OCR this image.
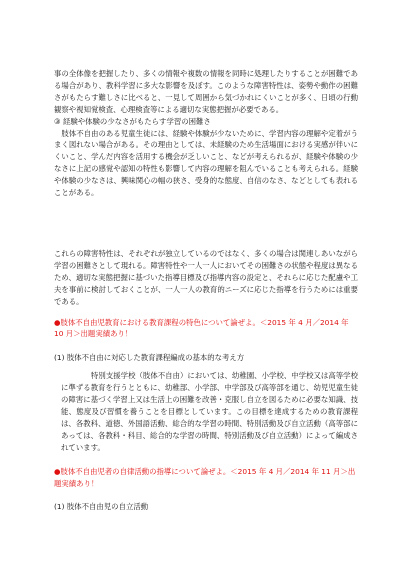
事の全体像を把握したり、多くの情報や複数の情報を同時に処理したりすることが困難である場合があり、教科学習に多大な影響を及ぼす。このような障害特性は、姿勢や動作の困難さがもたらす難しさに比べると、一見して周囲から気づかれにくいことが多く、日頃の行動観察や視知覚検査、心理検査等による適切な実態把握が必要である。

③ 経験や体験の少なさがもたらす学習の困難さ

肢体不自由のある児童生徒には、経験や体験が少ないために、学習内容の理解や定着がうまく図れない場合がある。その理由としては、未経験のため生活場面における実感が伴いにくいこと、学んだ内容を活用する機会が乏しいこと、などが考えられるが、経験や体験の少なさに上記の感覚や認知の特性も影響して内容の理解を阻んでいることも考えられる。経験や体験の少なさは、興味関心の幅の狭さ、受身的な態度、自信のなさ、などとしても表れることがある。

これらの障害特性は、それぞれが独立しているのではなく、多くの場合は関連しあいながら学習の困難さとして現れる。障害特性や一人一人においてその困難さの状態や程度は異なるため、適切な実態把握に基づいた指導目標及び指導内容の設定と、それらに応じた配慮や工夫を事前に検討しておくことが、一人一人の教育的ニーズに応じた指導を行うためには重要である。

●肢体不自由児教育における教育課程の特色について論ぜよ。＜2015 年 4 月／2014 年 10 月＞出題実績あり！

(1) 肢体不自由に対応した教育課程編成の基本的な考え方

特別支援学校（肢体不自由）においては、幼稚園、小学校、中学校又は高等学校に準ずる教育を行うとともに、幼稚部、小学部、中学部及び高等部を通じ、幼児児童生徒の障害に基づく学習上又は生活上の困難を改善・克服し自立を図るために必要な知識、技能、態度及び習慣を養うことを目標としています。この目標を達成するための教育課程は、各教科、道徳、外国語活動、総合的な学習の時間、特別活動及び自立活動（高等部にあっては、各教科・科目、総合的な学習の時間、特別活動及び自立活動）によって編成されています。

●肢体不自由児者の自律活動の指導について論ぜよ。＜2015 年 4 月／2014 年 11 月＞出題実績あり！

(1) 肢体不自由児の自立活動
